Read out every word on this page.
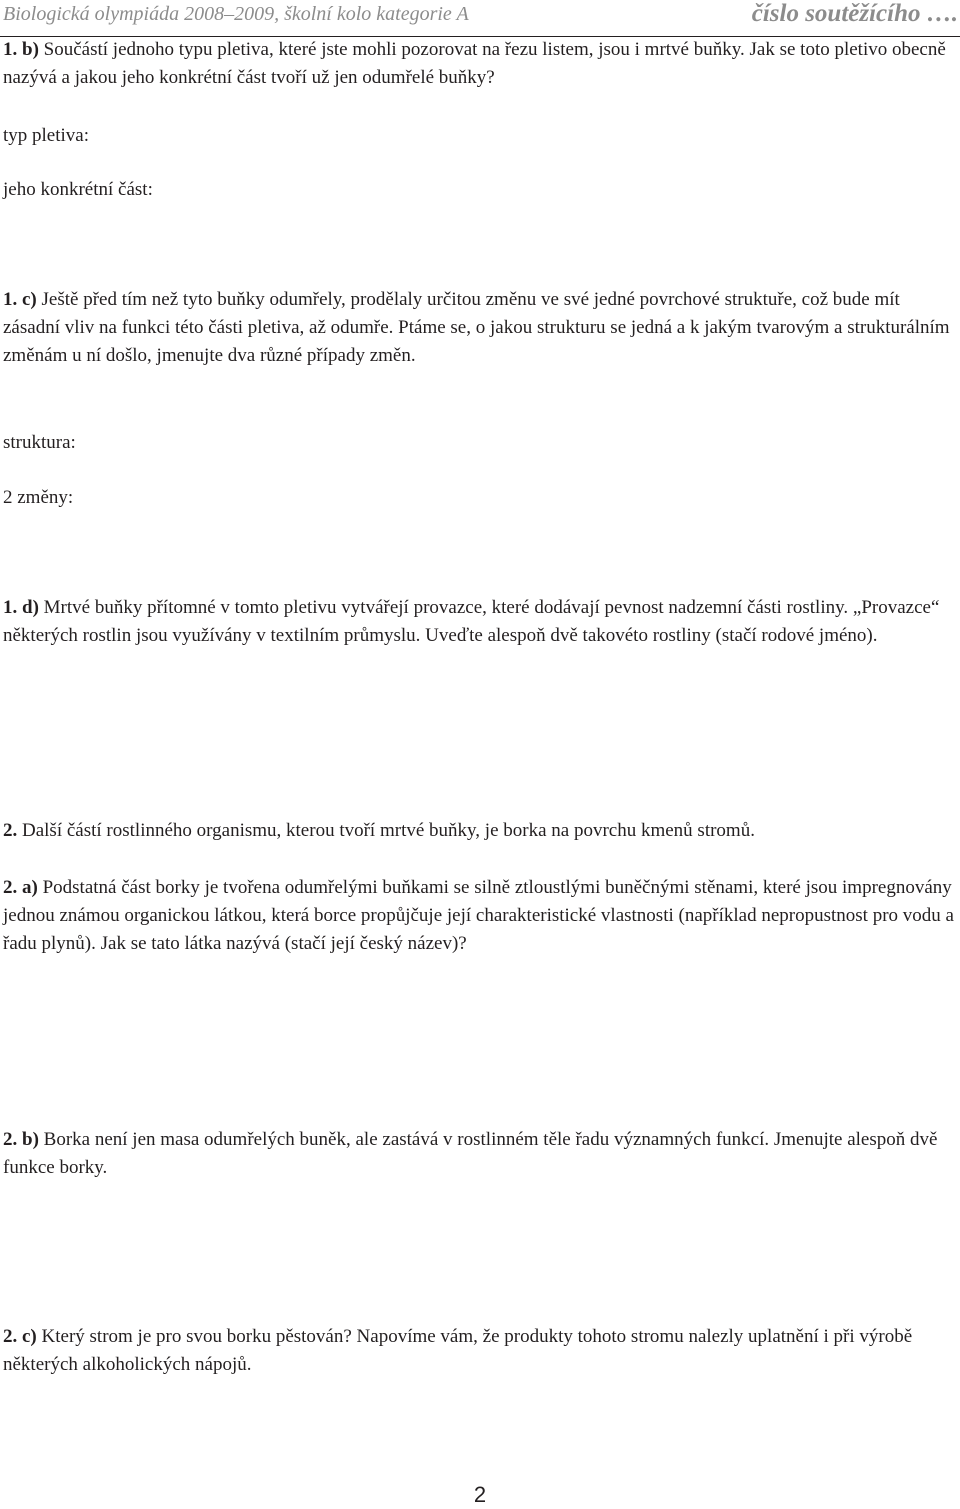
Biologická olympiáda 2008–2009, školní kolo kategorie A	číslo soutěžícího ….

1. b) Součástí jednoho typu pletiva, které jste mohli pozorovat na řezu listem, jsou i mrtvé buňky. Jak se toto pletivo obecně nazývá a jakou jeho konkrétní část tvoří už jen odumřelé buňky?

typ pletiva:

jeho konkrétní část:

1. c) Ještě před tím než tyto buňky odumřely, prodělaly určitou změnu ve své jedné povrchové struktuře, což bude mít zásadní vliv na funkci této části pletiva, až odumře. Ptáme se, o jakou strukturu se jedná a k jakým tvarovým a strukturálním změnám u ní došlo, jmenujte dva různé případy změn.

struktura:

2 změny:

1. d) Mrtvé buňky přítomné v tomto pletivu vytvářejí provazce, které dodávají pevnost nadzemní části rostliny. „Provazce“ některých rostlin jsou využívány v textilním průmyslu. Uveďte alespoň dvě takovéto rostliny (stačí rodové jméno).

2. Další částí rostlinného organismu, kterou tvoří mrtvé buňky, je borka na povrchu kmenů stromů.

2. a) Podstatná část borky je tvořena odumřelými buňkami se silně ztloustlými buněčnými stěnami, které jsou impregnovány jednou známou organickou látkou, která borce propůjčuje její charakteristické vlastnosti (například nepropustnost pro vodu a řadu plynů). Jak se tato látka nazývá (stačí její český název)?

2. b) Borka není jen masa odumřelých buněk, ale zastává v rostlinném těle řadu významných funkcí. Jmenujte alespoň dvě funkce borky.

2. c) Který strom je pro svou borku pěstován? Napovíme vám, že produkty tohoto stromu nalezly uplatnění i při výrobě některých alkoholických nápojů.

2
